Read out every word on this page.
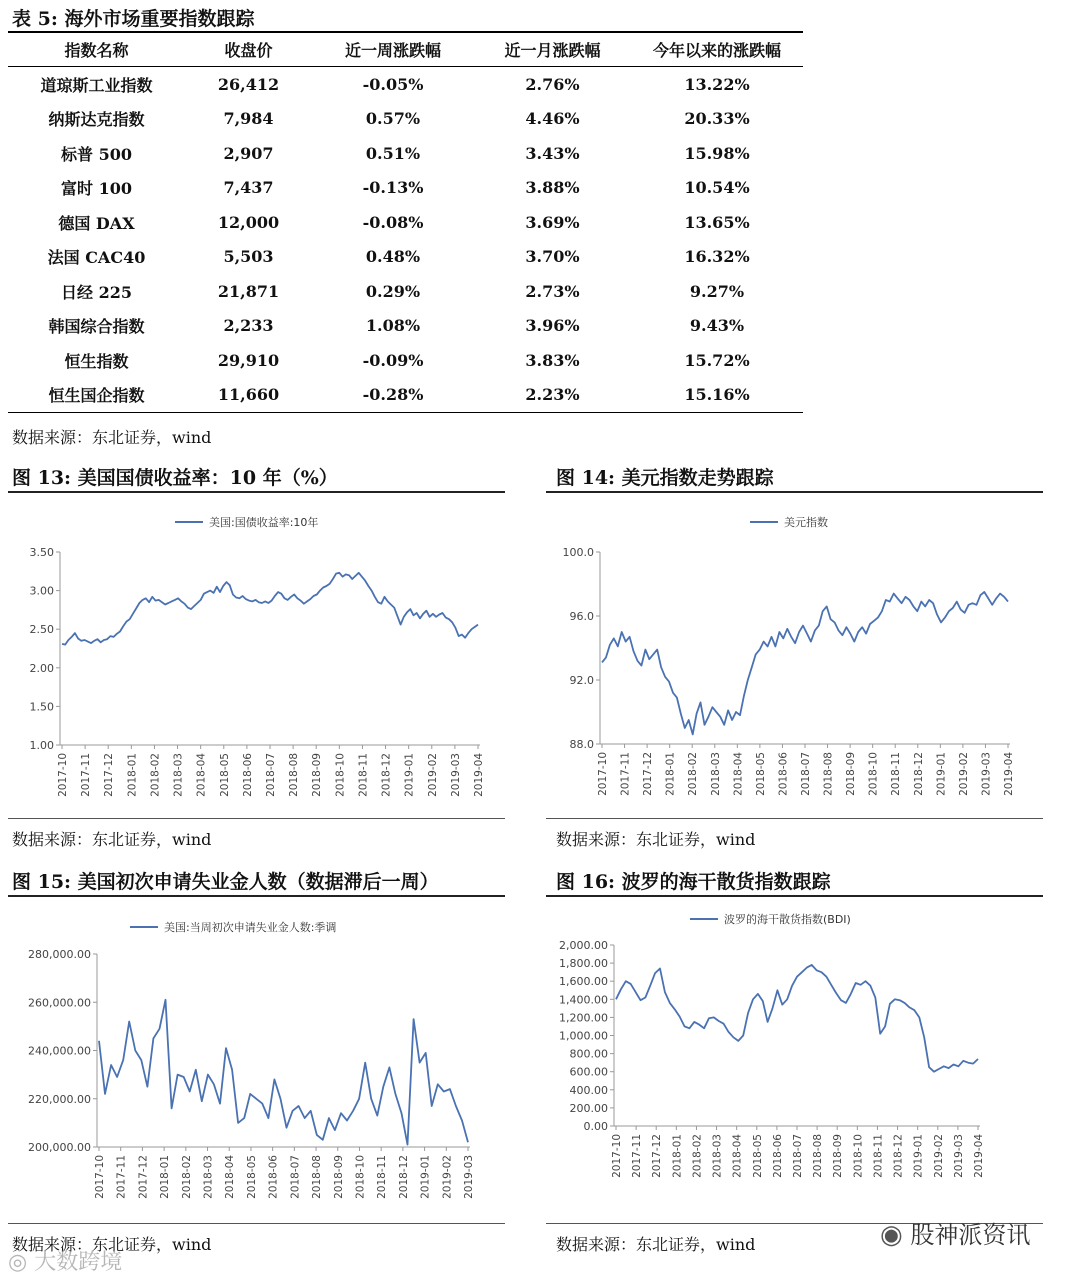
表 5: 海外市场重要指数跟踪
指数名称	收盘价	近一周涨跌幅	近一月涨跌幅	今年以来的涨跌幅
道琼斯工业指数	26,412	-0.05%	2.76%	13.22%
纳斯达克指数	7,984	0.57%	4.46%	20.33%
标普 500	2,907	0.51%	3.43%	15.98%
富时 100	7,437	-0.13%	3.88%	10.54%
德国 DAX	12,000	-0.08%	3.69%	13.65%
法国 CAC40	5,503	0.48%	3.70%	16.32%
日经 225	21,871	0.29%	2.73%	9.27%
韩国综合指数	2,233	1.08%	3.96%	9.43%
恒生指数	29,910	-0.09%	3.83%	15.72%
恒生国企指数	11,660	-0.28%	2.23%	15.16%
数据来源：东北证券，wind
图 13: 美国国债收益率：10 年（%）	图 14: 美元指数走势跟踪
数据来源：东北证券，wind	数据来源：东北证券，wind
图 15: 美国初次申请失业金人数（数据滞后一周）	图 16: 波罗的海干散货指数跟踪
数据来源：东北证券，wind	数据来源：东北证券，wind
美国:国债收益率:10年
1.00
1.50
2.00
2.50
3.00
3.50
2017-10 2017-11 2017-12 2018-01 2018-02 2018-03 2018-04 2018-05 2018-06 2018-07 2018-08 2018-09 2018-10 2018-11 2018-12 2019-01 2019-02 2019-03 2019-04
美元指数
88.0
92.0
96.0
100.0
2017-10 2017-11 2017-12 2018-01 2018-02 2018-03 2018-04 2018-05 2018-06 2018-07 2018-08 2018-09 2018-10 2018-11 2018-12 2019-01 2019-02 2019-03 2019-04
美国:当周初次申请失业金人数:季调
200,000.00
220,000.00
240,000.00
260,000.00
280,000.00
2017-10 2017-11 2017-12 2018-01 2018-02 2018-03 2018-04 2018-05 2018-06 2018-07 2018-08 2018-09 2018-10 2018-11 2018-12 2019-01 2019-02 2019-03
波罗的海干散货指数(BDI)
0.00
200.00
400.00
600.00
800.00
1,000.00
1,200.00
1,400.00
1,600.00
1,800.00
2,000.00
2017-10 2017-11 2017-12 2018-01 2018-02 2018-03 2018-04 2018-05 2018-06 2018-07 2018-08 2018-09 2018-10 2018-11 2018-12 2019-01 2019-02 2019-03 2019-04
◎ 大数跨境
◉ 股神派资讯
